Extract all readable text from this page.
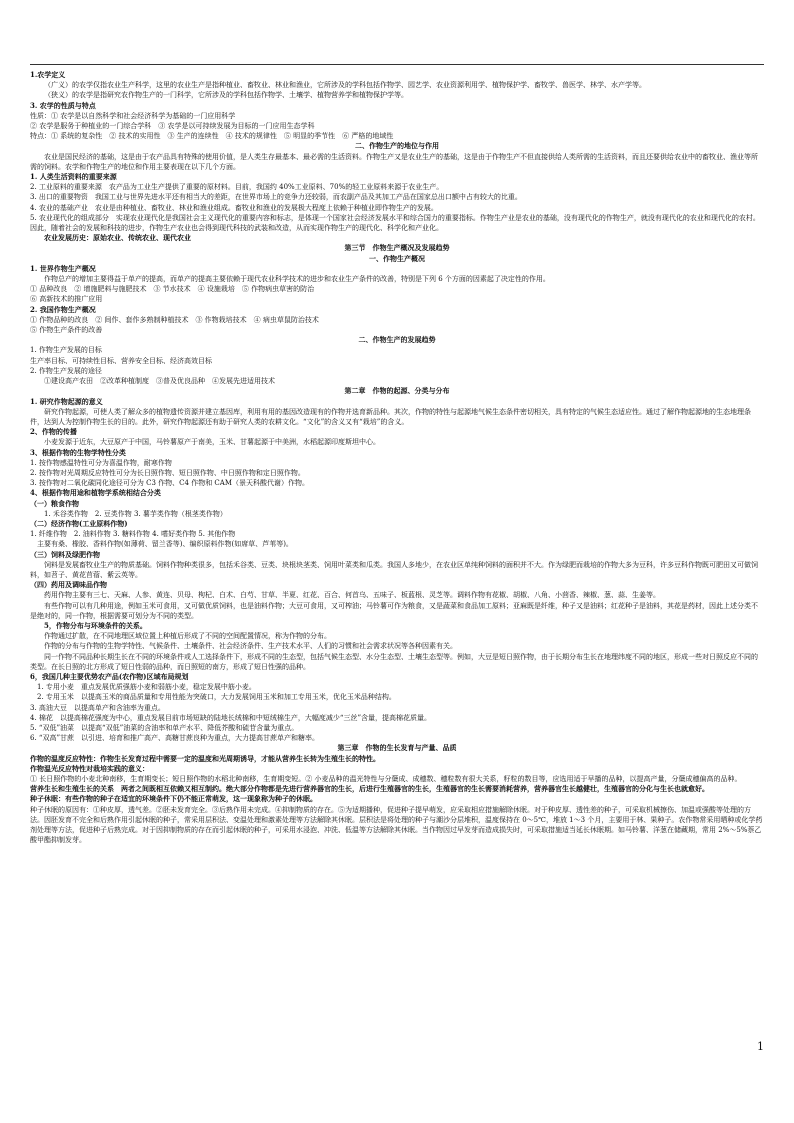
1.农学定义

（广义）的农学仅指农业生产科学，这里的农业生产是指种植业、畜牧业、林业和渔业，它所涉及的学科包括作物学、园艺学、农业资源利用学、植物保护学、畜牧学、兽医学、林学、水产学等。

（狭义）的农学是指研究农作物生产的一门科学，它所涉及的学科包括作物学、土壤学、植物营养学和植物保护学等。

3. 农学的性质与特点

性质：① 农学是以自然科学和社会经济科学为基础的一门应用科学

② 农学是服务于种植业的一门综合学科　③ 农学是以可持续发展为目标的一门应用生态学科

特点：① 系统的复杂性　② 技术的实用性　③ 生产的连续性　④ 技术的规律性　⑤ 明显的季节性　⑥ 严格的地域性

二、作物生产的地位与作用

农业是国民经济的基础，这是由于农产品具有特殊的使用价值，是人类生存最基本、最必需的生活资料。作物生产又是农业生产的基础，这是由于作物生产不但直接供给人类所需的生活资料，而且还要供给农业中的畜牧业、渔业等所需的饲料。农学和作物生产的地位和作用主要表现在以下几个方面。

1. 人类生活资料的重要来源

2. 工业原料的重要来源　农产品为工业生产提供了重要的原材料。目前，我国约 40%工业原料、70%的轻工业原料来源于农业生产。

3. 出口的重要物资　我国工业与世界先进水平还有相当大的差距，在世界市场上的竞争力还较弱，而农副产品及其加工产品在国家总出口额中占有较大的比重。

4. 农业的基础产业　农业是由种植业、畜牧业、林业和渔业组成。畜牧业和渔业的发展极大程度上依赖于种植业即作物生产的发展。

5. 农业现代化的组成部分　实现农业现代化是我国社会主义现代化的重要内容和标志，是体现一个国家社会经济发展水平和综合国力的重要指标。作物生产业是农业的基础，没有现代化的作物生产，就没有现代化的农业和现代化的农村。因此，随着社会的发展和科技的进步，作物生产农业也会得到现代科技的武装和改造，从而实现作物生产的现代化、科学化和产业化。

农业发展历史：原始农业、传统农业、现代农业

第三节　作物生产概况及发展趋势

一、作物生产概况

1. 世界作物生产概况

作物总产的增加主要得益于单产的提高，而单产的提高主要依赖于现代农业科学技术的进步和农业生产条件的改善，特别是下列 6 个方面的因素起了决定性的作用。

① 品种改良　② 增施肥料与施肥技术　③ 节水技术　④ 设施栽培　⑤ 作物病虫草害的防治

⑥ 高新技术的推广应用

2. 我国作物生产概况

① 作物品种的改良　② 间作、套作多熟制种植技术　③ 作物栽培技术　④ 病虫草鼠防治技术

⑤ 作物生产条件的改善

二、作物生产的发展趋势

1. 作物生产发展的目标

生产率目标、可持续性目标、营养安全目标、经济高效目标

2. 作物生产发展的途径

　　①建设高产农田　②改革种植制度　③普及优良品种　④发展先进适用技术

第二章　作物的起源、分类与分布

1. 研究作物起源的意义

研究作物起源，可使人类了解众多的植物遗传资源并建立基因库，利用有用的基因改造现有的作物并选育新品种。其次，作物的特性与起源地气候生态条件密切相关，具有特定的气候生态适应性。通过了解作物起源地的生态地理条件，达到人为控制作物生长的目的。此外，研究作物起源还有助于研究人类的农耕文化。“文化”的含义又有“栽培”的含义。

2、作物的传播

小麦发源于近东，大豆原产于中国，马铃薯原产于南美，玉米、甘薯起源于中美洲，水稻起源印度斯坦中心。

3、根据作物的生物学特性分类

1. 按作物感温特性可分为喜温作物，耐寒作物

2. 按作物对光周期反应特性可分为长日照作物、短日照作物、中日照作物和定日照作物。

3. 按作物对二氧化碳同化途径可分为 C3 作物、C4 作物和 CAM（景天科酸代谢）作物。

4、根据作物用途和植物学系统相结合分类

（一）粮食作物

　　1. 禾谷类作物　2. 豆类作物 3. 薯芋类作物（根茎类作物）

（二）经济作物(工业原料作物)

1. 纤维作物　2. 油料作物 3. 糖料作物 4. 嗜好类作物 5. 其他作物

　主要有桑、橡胶、香料作物(如薄荷、留兰香等)、编织原料作物(如席草、芦苇等)。

（三）饲料及绿肥作物

饲料是发展畜牧业生产的物质基础。饲料作物种类很多，包括禾谷类、豆类、块根块茎类、饲用叶菜类和瓜类。我国人多地少，在农业区单纯种饲料的面积并不大。作为绿肥而栽培的作物大多为豆科，许多豆科作物既可肥田又可做饲料，如苕子、黄花苜蓿、紫云英等。

（四）药用及调味品作物

药用作物主要有三七、天麻、人参、黄连、贝母、枸杞、白术、白芍、甘草、半夏、红花、百合、何首乌、五味子、板蓝根、灵芝等。调料作物有花椒、胡椒、八角、小茴香、辣椒、葱、蒜、生姜等。

有些作物可以有几种用途，例如玉米可食用，又可做优质饲料，也是油料作物；大豆可食用，又可榨油；马铃薯可作为粮食，又是蔬菜和食品加工原料；亚麻既是纤维，种子又是油料；红花种子是油料，其花是药材，因此上述分类不是绝对的，同一作物，根据需要可划分为不同的类型。

5，作物分布与环境条件的关系。

作物通过扩散，在不同地理区域位置上种植后形成了不同的空间配置情况，称为作物的分布。

作物的分布与作物的生物学特性、气候条件、土壤条件、社会经济条件、生产技术水平、人们的习惯和社会需求状况等各种因素有关。

同一作物不同品种长期生长在不同的环境条件或人工选择条件下，形成不同的生态型，包括气候生态型、水分生态型、土壤生态型等。例如，大豆是短日照作物，由于长期分布生长在地理纬度不同的地区，形成一些对日照反应不同的类型。在长日照的北方形成了短日性弱的品种，而日照短的南方，形成了短日性强的品种。

6，我国几种主要优势农产品(农作物)区域布局规划

　1. 专用小麦　重点发展优质强筋小麦和弱筋小麦，稳定发展中筋小麦。

　2. 专用玉米　以提高玉米的商品质量和专用性能为突破口，大力发展饲用玉米和加工专用玉米，优化玉米品种结构。

3. 高油大豆　以提高单产和含油率为重点。

4. 棉花　以提高棉花强度为中心，重点发展目前市场短缺的陆地长绒棉和中短绒棉生产，大幅度减少“三丝”含量，提高棉花质量。

5. “双低”油菜　以提高“双低”油菜的含油率和单产水平、降低芥酸和硫苷含量为重点。

6. “双高”甘蔗　以引进、培育和推广高产、高糖甘蔗良种为重点，大力提高甘蔗单产和糖率。

第三章　作物的生长发育与产量、品质

作物的温度反应特性：作物生长发育过程中需要一定的温度和光周期诱导，才能从营养生长转为生殖生长的特性。

作物温光反应特性对栽培实践的意义：

① 长日照作物的小麦北种南移，生育期变长；短日照作物的水稻北种南移，生育期变短。② 小麦品种的温光特性与分蘖成、成穗数、穗粒数有很大关系，籽粒的数目等，应选用适于早播的品种，以提高产量，分蘖成穗偏高的品种。

营养生长和生殖生长的关系　两者之间既相互依赖又相互制约。绝大部分作物都是先进行营养器官的生长，后进行生殖器官的生长，生殖器官的生长需要消耗营养，营养器官生长越健壮，生殖器官的分化与生长也就愈好。

种子休眠：有些作物的种子在适宜的环境条件下仍不能正常萌发，这一现象称为种子的休眠。

种子休眠的原因有：①种皮厚，透气差。②胚未发育完全。③后熟作用未完成。④抑制物质的存在。⑤为适期播种，促进种子提早萌发，应采取相应措施解除休眠。对于种皮厚、透性差的种子，可采取机械擦伤、加温或强酸等处理的方法。因胚发育不完全和后熟作用引起休眠的种子，常采用层积法、变温处理和激素处理等方法解除其休眠。层积法是将处理的种子与潮沙分层堆积，温度保持在 0～5℃，堆放 1～3 个月，主要用于林、果种子。农作物常采用晒种或化学药剂处理等方法，促进种子后熟完成。对于因抑制物质的存在而引起休眠的种子，可采用水浸泡、冲洗、低温等方法解除其休眠。当作物因过早发芽而造成损失时，可采取措施适当延长休眠期。如马铃薯、洋葱在储藏期，常用 2%～5%萘乙酸甲酯抑制发芽。

1
